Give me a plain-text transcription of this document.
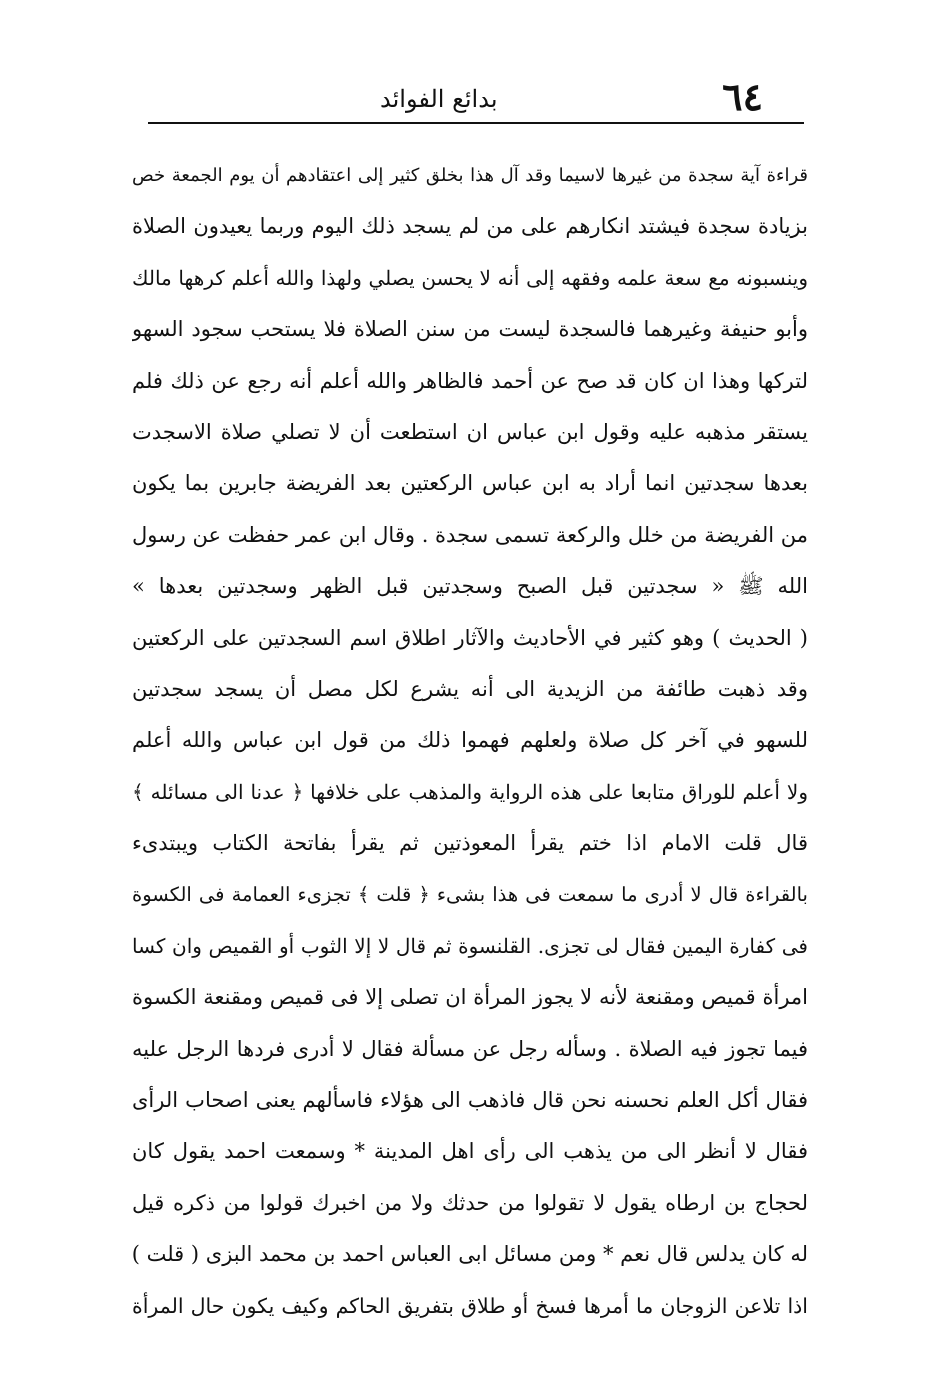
٦٤
بدائع الفوائد
قراءة آية سجدة من غيرها لاسيما وقد آل هذا بخلق كثير إلى اعتقادهم أن يوم الجمعة خص
بزيادة سجدة فيشتد انكارهم على من لم يسجد ذلك اليوم وربما يعيدون الصلاة
وينسبونه مع سعة علمه وفقهه إلى أنه لا يحسن يصلي ولهذا والله أعلم كرهها مالك
وأبو حنيفة وغيرهما فالسجدة ليست من سنن الصلاة فلا يستحب سجود السهو
لتركها وهذا ان كان قد صح عن أحمد فالظاهر والله أعلم أنه رجع عن ذلك فلم
يستقر مذهبه عليه وقول ابن عباس ان استطعت أن لا تصلي صلاة الاسجدت
بعدها سجدتين انما أراد به ابن عباس الركعتين بعد الفريضة جابرين بما يكون
من الفريضة من خلل والركعة تسمى سجدة . وقال ابن عمر حفظت عن رسول
الله ﷺ « سجدتين قبل الصبح وسجدتين قبل الظهر وسجدتين بعدها »
( الحديث ) وهو كثير في الأحاديث والآثار اطلاق اسم السجدتين على الركعتين
وقد ذهبت طائفة من الزيدية الى أنه يشرع لكل مصل أن يسجد سجدتين
للسهو في آخر كل صلاة ولعلهم فهموا ذلك من قول ابن عباس والله أعلم
ولا أعلم للوراق متابعا على هذه الرواية والمذهب على خلافها ﴿ عدنا الى مسائله ﴾
قال قلت الامام اذا ختم يقرأ المعوذتين ثم يقرأ بفاتحة الكتاب ويبتدىء
بالقراءة قال لا أدرى ما سمعت فى هذا بشىء ﴿ قلت ﴾ تجزىء العمامة فى الكسوة
فى كفارة اليمين فقال لى تجزى. القلنسوة ثم قال لا إلا الثوب أو القميص وان كسا
امرأة قميص ومقنعة لأنه لا يجوز المرأة ان تصلى إلا فى قميص ومقنعة الكسوة
فيما تجوز فيه الصلاة . وسأله رجل عن مسألة فقال لا أدرى فردها الرجل عليه
فقال أكل العلم نحسنه نحن قال فاذهب الى هؤلاء فاسألهم يعنى اصحاب الرأى
فقال لا أنظر الى من يذهب الى رأى اهل المدينة * وسمعت احمد يقول كان
لحجاج بن ارطاه يقول لا تقولوا من حدثك ولا من اخبرك قولوا من ذكره قيل
له كان يدلس قال نعم * ومن مسائل ابى العباس احمد بن محمد البزى ( قلت )
اذا تلاعن الزوجان ما أمرها فسخ أو طلاق بتفريق الحاكم وكيف يكون حال المرأة
